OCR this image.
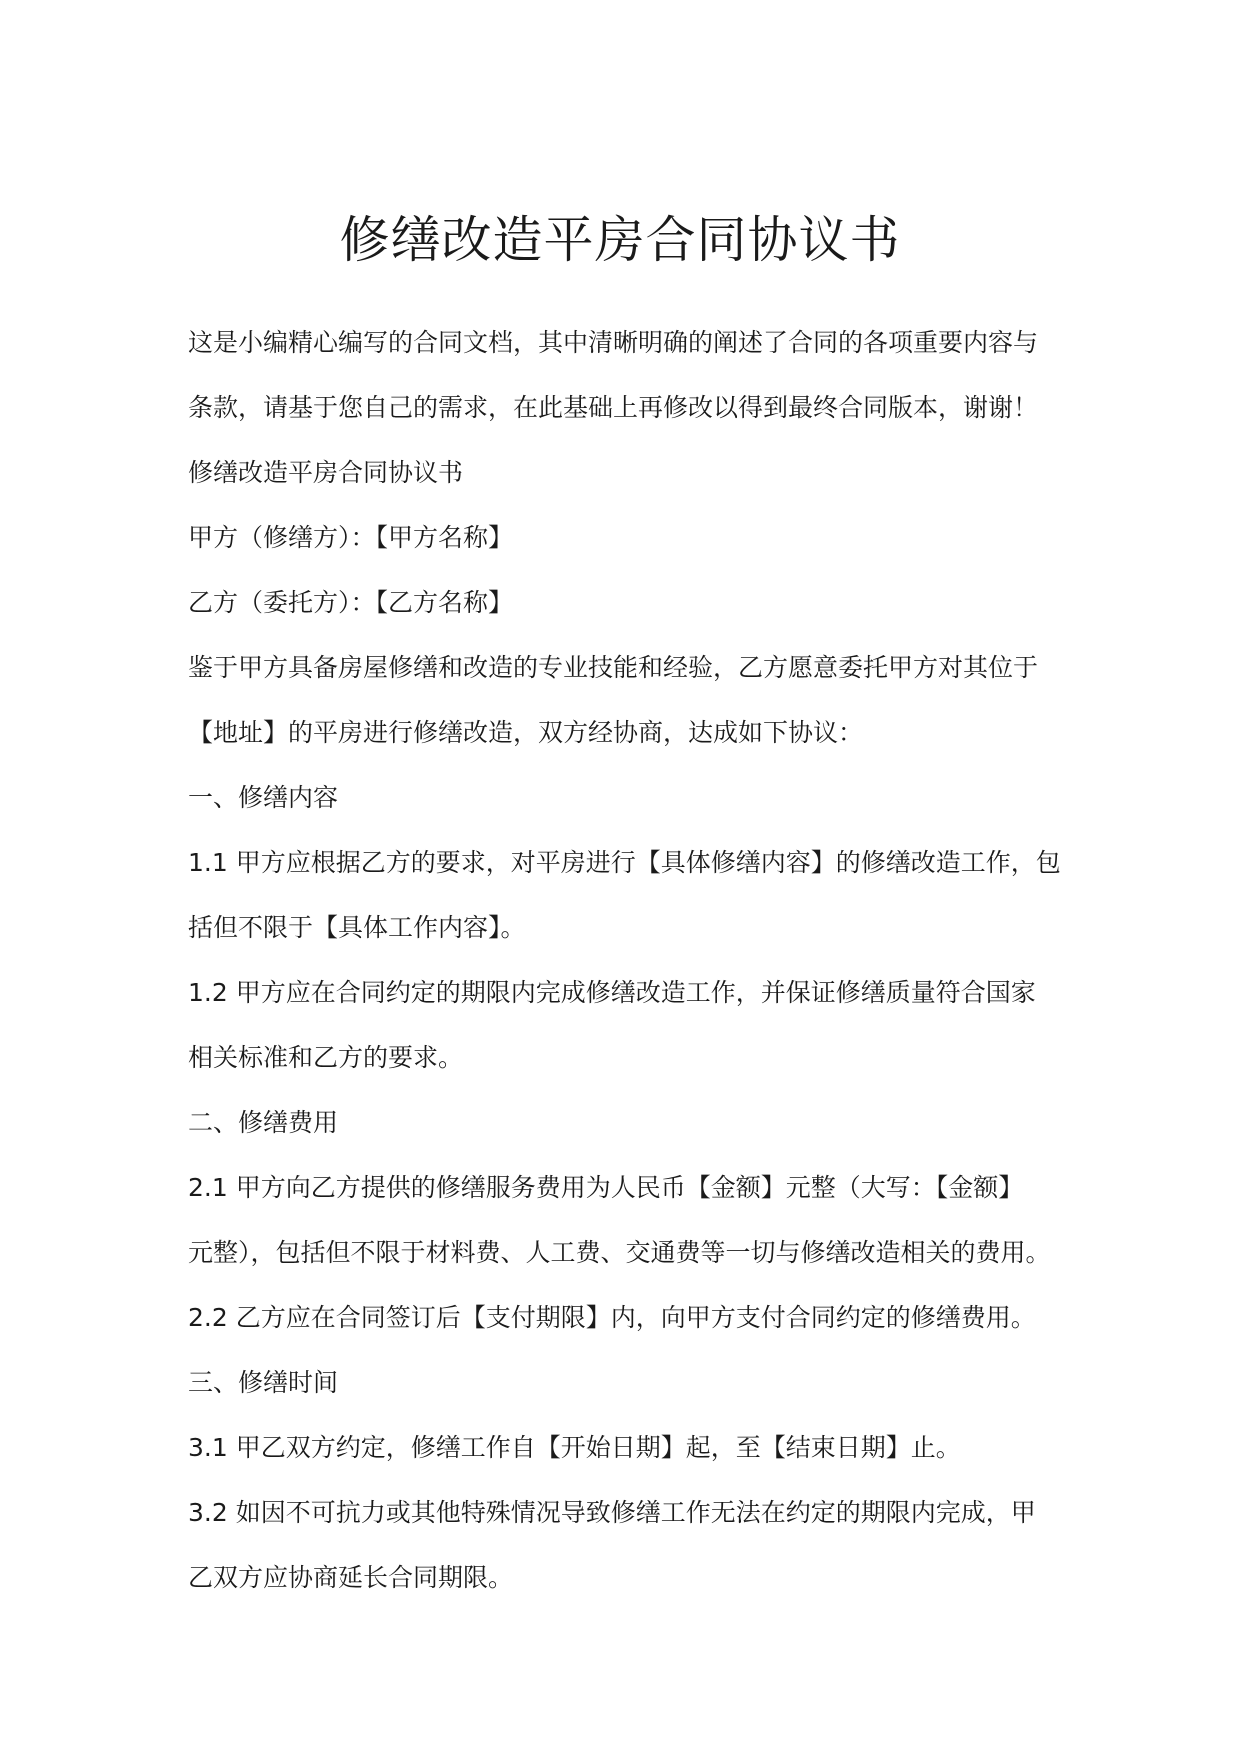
修缮改造平房合同协议书

这是小编精心编写的合同文档，其中清晰明确的阐述了合同的各项重要内容与

条款，请基于您自己的需求，在此基础上再修改以得到最终合同版本，谢谢！

修缮改造平房合同协议书

甲方（修缮方）：【甲方名称】

乙方（委托方）：【乙方名称】

鉴于甲方具备房屋修缮和改造的专业技能和经验，乙方愿意委托甲方对其位于

【地址】的平房进行修缮改造，双方经协商，达成如下协议：

一、修缮内容

1.1 甲方应根据乙方的要求，对平房进行【具体修缮内容】的修缮改造工作，包

括但不限于【具体工作内容】。

1.2 甲方应在合同约定的期限内完成修缮改造工作，并保证修缮质量符合国家

相关标准和乙方的要求。

二、修缮费用

2.1 甲方向乙方提供的修缮服务费用为人民币【金额】元整（大写：【金额】

元整），包括但不限于材料费、人工费、交通费等一切与修缮改造相关的费用。

2.2 乙方应在合同签订后【支付期限】内，向甲方支付合同约定的修缮费用。

三、修缮时间

3.1 甲乙双方约定，修缮工作自【开始日期】起，至【结束日期】止。

3.2 如因不可抗力或其他特殊情况导致修缮工作无法在约定的期限内完成，甲

乙双方应协商延长合同期限。
